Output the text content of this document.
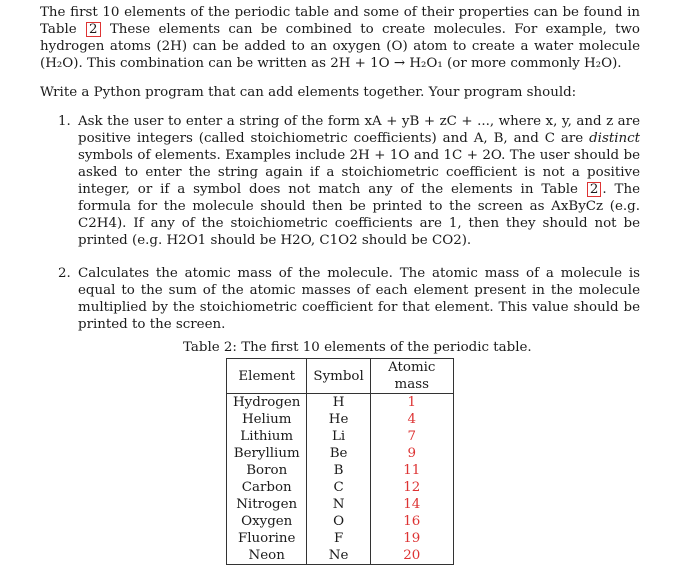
The first 10 elements of the periodic table and some of their properties can be found in Table 2 These elements can be combined to create molecules. For example, two hydrogen atoms (2H) can be added to an oxygen (O) atom to create a water molecule (H₂O). This combination can be written as 2H + 1O → H₂O₁ (or more commonly H₂O).

Write a Python program that can add elements together. Your program should:

1. Ask the user to enter a string of the form xA + yB + zC + ..., where x, y, and z are positive integers (called stoichiometric coefficients) and A, B, and C are distinct symbols of elements. Examples include 2H + 1O and 1C + 2O. The user should be asked to enter the string again if a stoichiometric coefficient is not a positive integer, or if a symbol does not match any of the elements in Table 2 . The formula for the molecule should then be printed to the screen as AxByCz (e.g. C2H4). If any of the stoichiometric coefficients are 1, then they should not be printed (e.g. H2O1 should be H2O, C1O2 should be CO2).
2. Calculates the atomic mass of the molecule. The atomic mass of a molecule is equal to the sum of the atomic masses of each element present in the molecule multiplied by the stoichiometric coefficient for that element. This value should be printed to the screen.
Table 2: The first 10 elements of the periodic table.
Element	Symbol	Atomic mass
Hydrogen	H	1
Helium	He	4
Lithium	Li	7
Beryllium	Be	9
Boron	B	11
Carbon	C	12
Nitrogen	N	14
Oxygen	O	16
Fluorine	F	19
Neon	Ne	20
